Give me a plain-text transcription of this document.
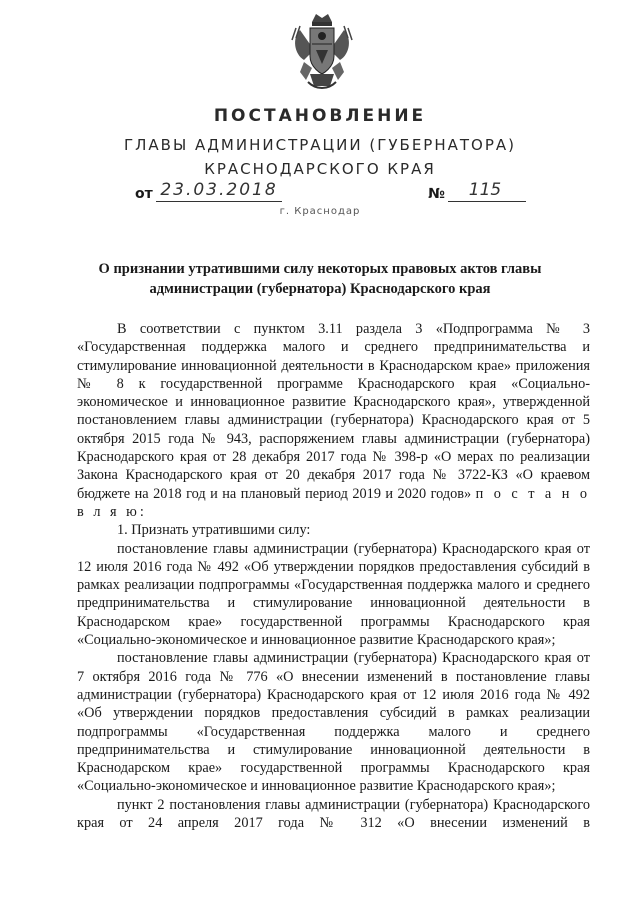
ПОСТАНОВЛЕНИЕ
ГЛАВЫ АДМИНИСТРАЦИИ (ГУБЕРНАТОРА)
КРАСНОДАРСКОГО КРАЯ
от 23.03.2018	№	115
г. Краснодар
О признании утратившими силу некоторых правовых актов главы администрации (губернатора) Краснодарского края

В соответствии с пунктом 3.11 раздела 3 «Подпрограмма № 3 «Государственная поддержка малого и среднего предпринимательства и стимулирование инновационной деятельности в Краснодарском крае» приложения № 8 к государственной программе Краснодарского края «Социально-экономическое и инновационное развитие Краснодарского края», утвержденной постановлением главы администрации (губернатора) Краснодарского края от 5 октября 2015 года № 943, распоряжением главы администрации (губернатора) Краснодарского края от 28 декабря 2017 года № 398-р «О мерах по реализации Закона Краснодарского края от 20 декабря 2017 года № 3722-КЗ «О краевом бюджете на 2018 год и на плановый период 2019 и 2020 годов» п о с т а н о в л я ю:

1. Признать утратившими силу:

постановление главы администрации (губернатора) Краснодарского края от 12 июля 2016 года № 492 «Об утверждении порядков предоставления субсидий в рамках реализации подпрограммы «Государственная поддержка малого и среднего предпринимательства и стимулирование инновационной деятельности в Краснодарском крае» государственной программы Краснодарского края «Социально-экономическое и инновационное развитие Краснодарского края»;

постановление главы администрации (губернатора) Краснодарского края от 7 октября 2016 года № 776 «О внесении изменений в постановление главы администрации (губернатора) Краснодарского края от 12 июля 2016 года № 492 «Об утверждении порядков предоставления субсидий в рамках реализации подпрограммы «Государственная поддержка малого и среднего предпринимательства и стимулирование инновационной деятельности в Краснодарском крае» государственной программы Краснодарского края «Социально-экономическое и инновационное развитие Краснодарского края»;

пункт 2 постановления главы администрации (губернатора) Краснодарского края от 24 апреля 2017 года № 312 «О внесении изменений в
